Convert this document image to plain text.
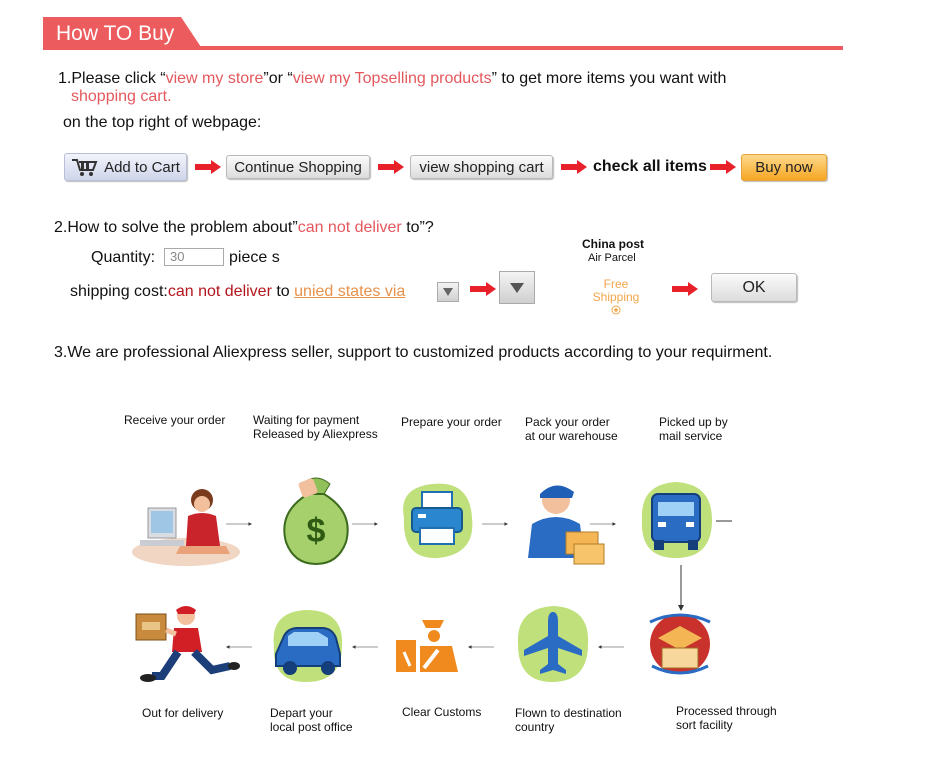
How TO Buy
1.Please click “view my store”or “view my Topselling products” to get more items you want with
shopping cart.
on the top right of webpage:
Add to Cart	Continue Shopping	view shopping cart	check all items	Buy now
2.How to solve the problem about”can not deliver to”?
Quantity:	30	piece s
shipping cost:can not deliver to unied states via
China post
Air Parcel
Free
Shipping
OK
3.We are professional Aliexpress seller, support to customized products according to your requirment.
Receive your order Waiting for payment
Released by Aliexpress
Prepare your order Pack your order
at our warehouse
Picked up by
mail service
$
Out for delivery	Depart your
local post office
Clear Customs	Flown to destination
country
Processed through
sort facility
